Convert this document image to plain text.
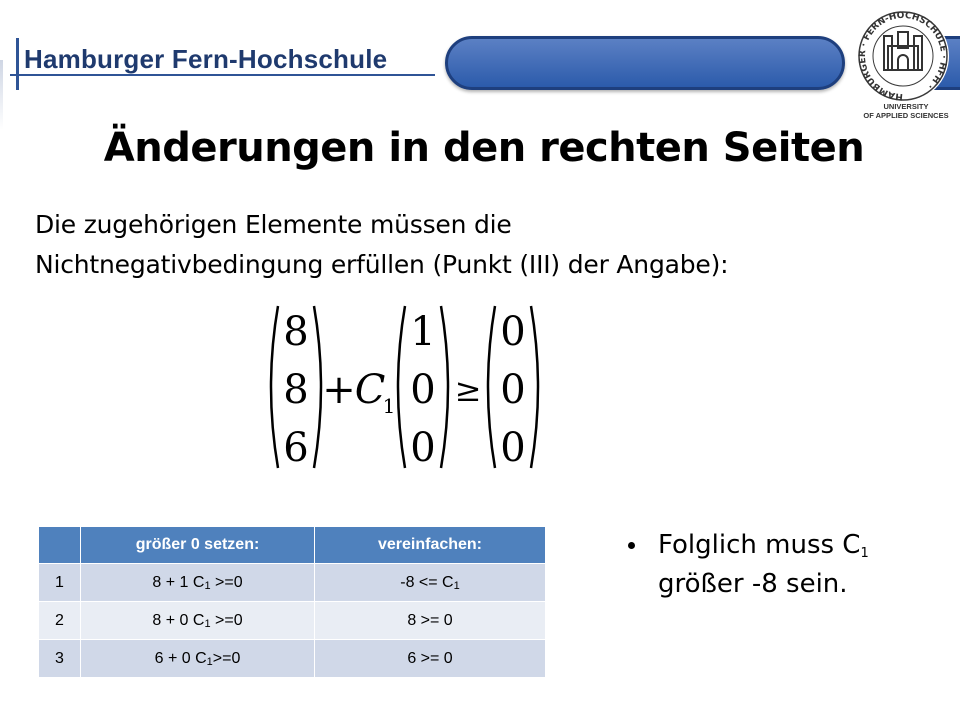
Hamburger Fern-Hochschule
HAMBURGER · FERN-HOCHSCHULE · HFH ·
UNIVERSITY
OF APPLIED SCIENCES
Änderungen in den rechten Seiten
Die zugehörigen Elemente müssen die
Nichtnegativbedingung erfüllen (Punkt (III) der Angabe):
8
8
6
+
C
1
1
0
0
≥
0
0
0
	größer 0 setzen:	vereinfachen:
1	8 + 1 $C_1 >=0$	$-8 <= C_1$
2	8 + 0 $C_1 >=0$	8 >= 0
3	6 + 0 $C_1>=0$	6 >= 0
Folglich muss $C_1$
größer -8 sein.
